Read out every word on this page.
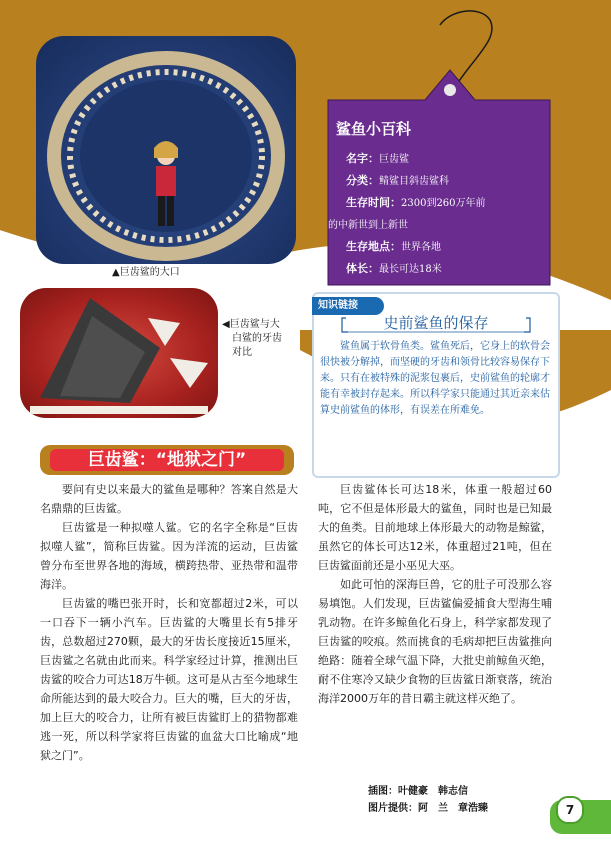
▲巨齿鲨的大口
◀巨齿鲨与大
白鲨的牙齿
对比
鲨鱼小百科
名字：巨齿鲨
分类：鲭鲨目斜齿鲨科
生存时间：2300到260万年前
的中新世到上新世
生存地点：世界各地
体长：最长可达18米
知识链接
史前鲨鱼的保存
鲨鱼属于软骨鱼类。鲨鱼死后，它身上的软骨会很快被分解掉，而坚硬的牙齿和领骨比较容易保存下来。只有在被特殊的泥浆包裹后，史前鲨鱼的轮廓才能有幸被封存起来。所以科学家只能通过其近亲来估算史前鲨鱼的体形，有误差在所难免。
巨齿鲨：“地狱之门”

要问有史以来最大的鲨鱼是哪种？答案自然是大名鼎鼎的巨齿鲨。

巨齿鲨是一种拟噬人鲨。它的名字全称是“巨齿拟噬人鲨”，简称巨齿鲨。因为洋流的运动，巨齿鲨曾分布至世界各地的海域，横跨热带、亚热带和温带海洋。

巨齿鲨的嘴巴张开时，长和宽都超过2米，可以一口吞下一辆小汽车。巨齿鲨的大嘴里长有5排牙齿，总数超过270颗，最大的牙齿长度接近15厘米，巨齿鲨之名就由此而来。科学家经过计算，推测出巨齿鲨的咬合力可达18万牛顿。这可是从古至今地球生命所能达到的最大咬合力。巨大的嘴，巨大的牙齿，加上巨大的咬合力，让所有被巨齿鲨盯上的猎物都难逃一死，所以科学家将巨齿鲨的血盆大口比喻成“地狱之门”。

巨齿鲨体长可达18米，体重一般超过60吨，它不但是体形最大的鲨鱼，同时也是已知最大的鱼类。目前地球上体形最大的动物是鲸鲨，虽然它的体长可达12米，体重超过21吨，但在巨齿鲨面前还是小巫见大巫。

如此可怕的深海巨兽，它的肚子可没那么容易填饱。人们发现，巨齿鲨偏爱捕食大型海生哺乳动物。在许多鲸鱼化石身上，科学家都发现了巨齿鲨的咬痕。然而挑食的毛病却把巨齿鲨推向绝路：随着全球气温下降，大批史前鲸鱼灭绝，耐不住寒冷又缺少食物的巨齿鲨日渐衰落，统治海洋2000万年的昔日霸主就这样灭绝了。

插图：叶健豪　韩志信
图片提供：阿　兰　章浩臻	7
